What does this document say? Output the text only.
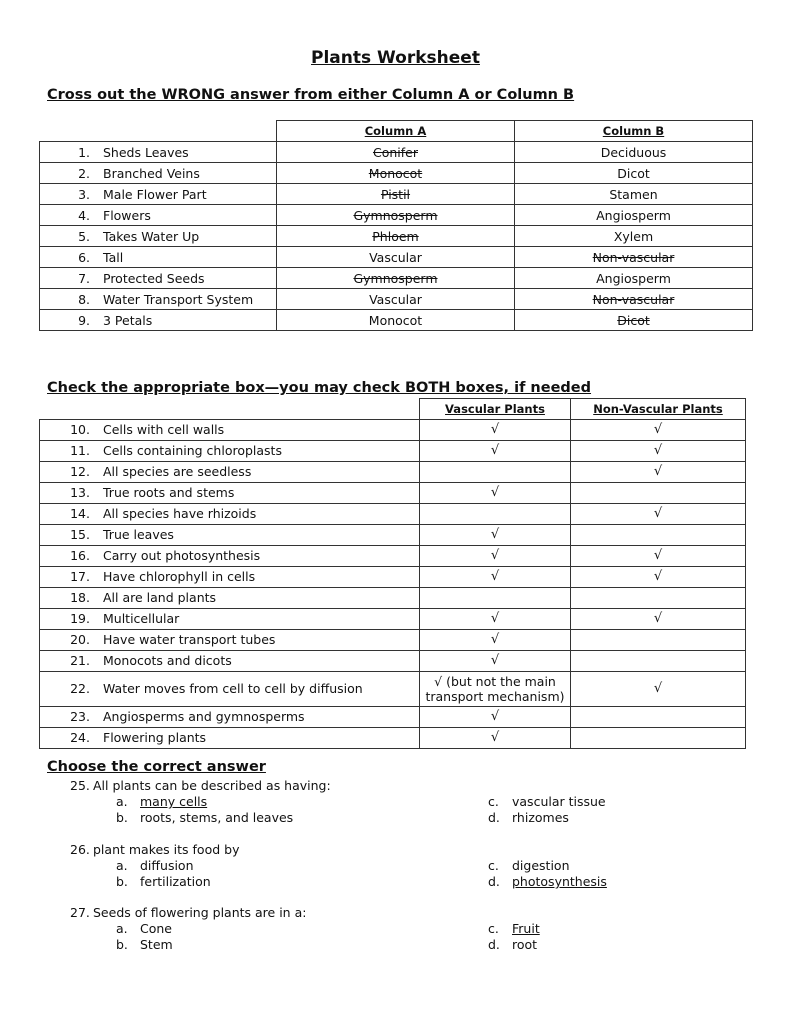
Plants Worksheet
Cross out the WRONG answer from either Column A or Column B
	Column A	Column B
1. Sheds Leaves	Conifer	Deciduous
2. Branched Veins	Monocot	Dicot
3. Male Flower Part	Pistil	Stamen
4. Flowers	Gymnosperm	Angiosperm
5. Takes Water Up	Phloem	Xylem
6. Tall	Vascular	Non-vascular
7. Protected Seeds	Gymnosperm	Angiosperm
8. Water Transport System	Vascular	Non-vascular
9. 3 Petals	Monocot	Dicot
Check the appropriate box—you may check BOTH boxes, if needed
	Vascular Plants	Non-Vascular Plants
10. Cells with cell walls	√	√
11. Cells containing chloroplasts	√	√
12. All species are seedless		√
13. True roots and stems	√	
14. All species have rhizoids		√
15. True leaves	√	
16. Carry out photosynthesis	√	√
17. Have chlorophyll in cells	√	√
18. All are land plants		
19. Multicellular	√	√
20. Have water transport tubes	√	
21. Monocots and dicots	√	
22. Water moves from cell to cell by diffusion	√ (but not the main transport mechanism)	√
23. Angiosperms and gymnosperms	√	
24. Flowering plants	√	
Choose the correct answer
25. All plants can be described as having:
a. many cells
b. roots, stems, and leaves
c. vascular tissue
d. rhizomes
26. plant makes its food by
a. diffusion
b. fertilization
c. digestion
d. photosynthesis
27. Seeds of flowering plants are in a:
a. Cone
b. Stem
c. Fruit
d. root
